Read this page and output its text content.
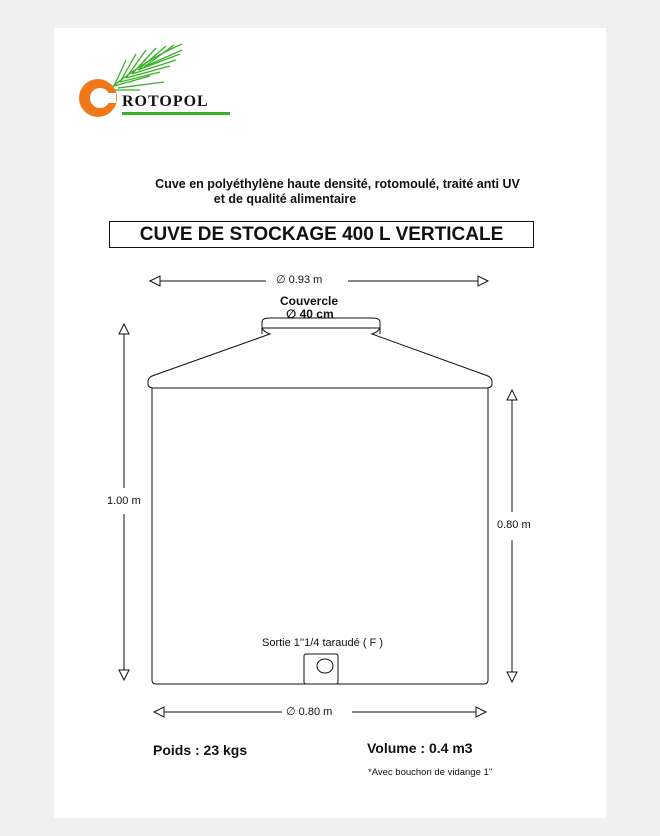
ROTOPOL
Cuve en polyéthylène haute densité, rotomoulé, traité anti UV
et de qualité alimentaire
CUVE DE STOCKAGE 400 L VERTICALE
∅ 0.93 m
Couvercle
∅ 40 cm
1.00 m
0.80 m
∅ 0.80 m
Sortie 1''1/4 taraudé ( F )
Poids : 23 kgs	Volume : 0.4 m3
*Avec bouchon de vidange 1''
